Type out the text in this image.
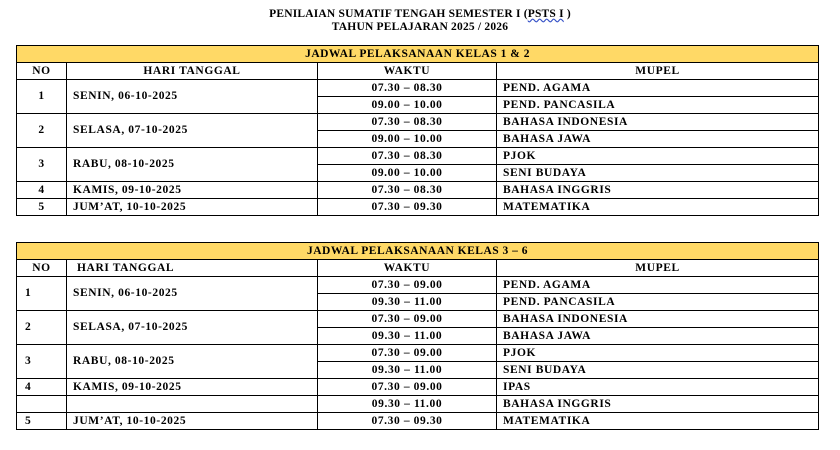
PENILAIAN SUMATIF TENGAH SEMESTER I (PSTS I )
TAHUN PELAJARAN 2025 / 2026
JADWAL PELAKSANAAN KELAS 1 & 2			
NO	HARI TANGGAL	WAKTU	MUPEL
1	SENIN, 06-10-2025	07.30 – 08.30	PEND. AGAMA
		09.00 – 10.00	PEND. PANCASILA
2	SELASA, 07-10-2025	07.30 – 08.30	BAHASA INDONESIA
		09.00 – 10.00	BAHASA JAWA
3	RABU, 08-10-2025	07.30 – 08.30	PJOK
		09.00 – 10.00	SENI BUDAYA
4	KAMIS, 09-10-2025	07.30 – 08.30	BAHASA INGGRIS
5	JUM’AT, 10-10-2025	07.30 – 09.30	MATEMATIKA
JADWAL PELAKSANAAN KELAS 3 – 6			
NO	HARI TANGGAL	WAKTU	MUPEL
1	SENIN, 06-10-2025	07.30 – 09.00	PEND. AGAMA
		09.30 – 11.00	PEND. PANCASILA
2	SELASA, 07-10-2025	07.30 – 09.00	BAHASA INDONESIA
		09.30 – 11.00	BAHASA JAWA
3	RABU, 08-10-2025	07.30 – 09.00	PJOK
		09.30 – 11.00	SENI BUDAYA
4	KAMIS, 09-10-2025	07.30 – 09.00	IPAS
		09.30 – 11.00	BAHASA INGGRIS
5	JUM’AT, 10-10-2025	07.30 – 09.30	MATEMATIKA
